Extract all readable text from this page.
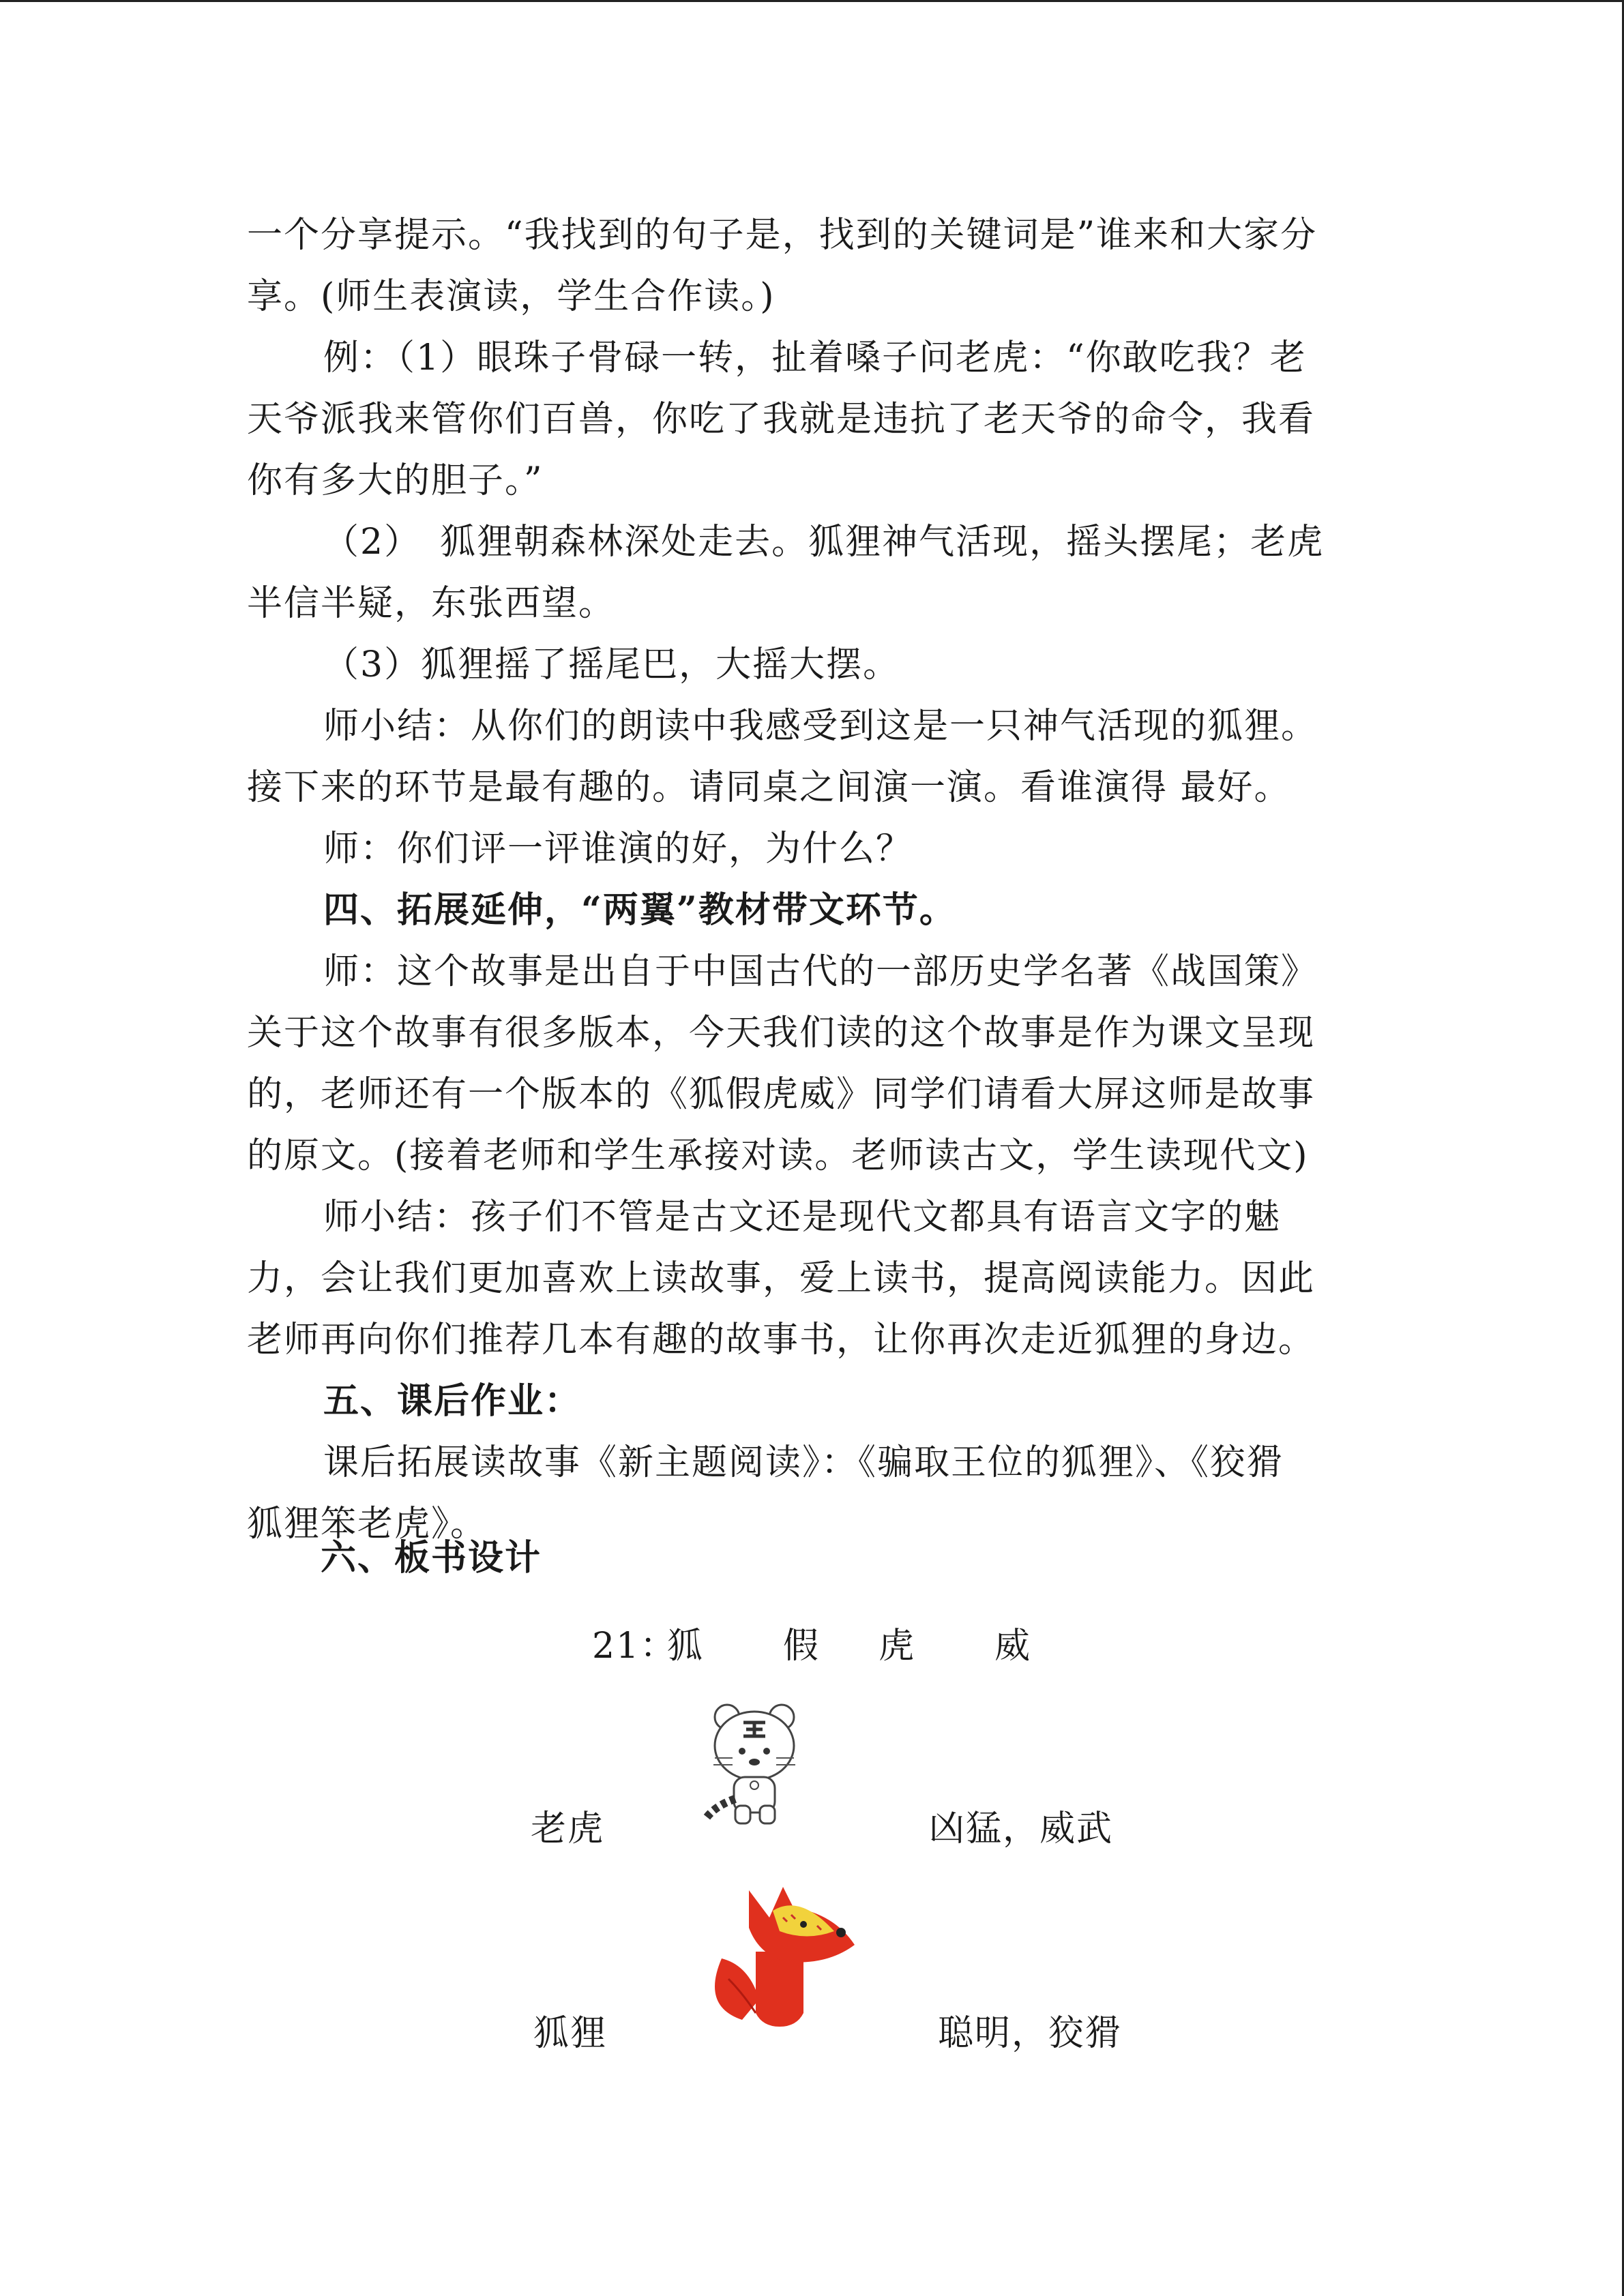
一个分享提示。“我找到的句子是，找到的关键词是”谁来和大家分

享。(师生表演读，学生合作读。)

例：（1）眼珠子骨碌一转，扯着嗓子问老虎：“你敢吃我？老

天爷派我来管你们百兽，你吃了我就是违抗了老天爷的命令，我看

你有多大的胆子。”

（2）　狐狸朝森林深处走去。狐狸神气活现，摇头摆尾；老虎

半信半疑，东张西望。

（3）狐狸摇了摇尾巴，大摇大摆。

师小结：从你们的朗读中我感受到这是一只神气活现的狐狸。

接下来的环节是最有趣的。请同桌之间演一演。看谁演得 最好。

师：你们评一评谁演的好，为什么？

四、拓展延伸，“两翼”教材带文环节。

师：这个故事是出自于中国古代的一部历史学名著《战国策》

关于这个故事有很多版本，今天我们读的这个故事是作为课文呈现

的，老师还有一个版本的《狐假虎威》同学们请看大屏这师是故事

的原文。(接着老师和学生承接对读。老师读古文，学生读现代文)

师小结：孩子们不管是古文还是现代文都具有语言文字的魅

力，会让我们更加喜欢上读故事，爱上读书，提高阅读能力。因此

老师再向你们推荐几本有趣的故事书，让你再次走近狐狸的身边。

五、课后作业：

课后拓展读故事《新主题阅读》：《骗取王位的狐狸》、《狡猾

狐狸笨老虎》。

六、板书设计
21：
狐 假 虎 威
老虎	凶猛，威武
狐狸	聪明，狡猾
